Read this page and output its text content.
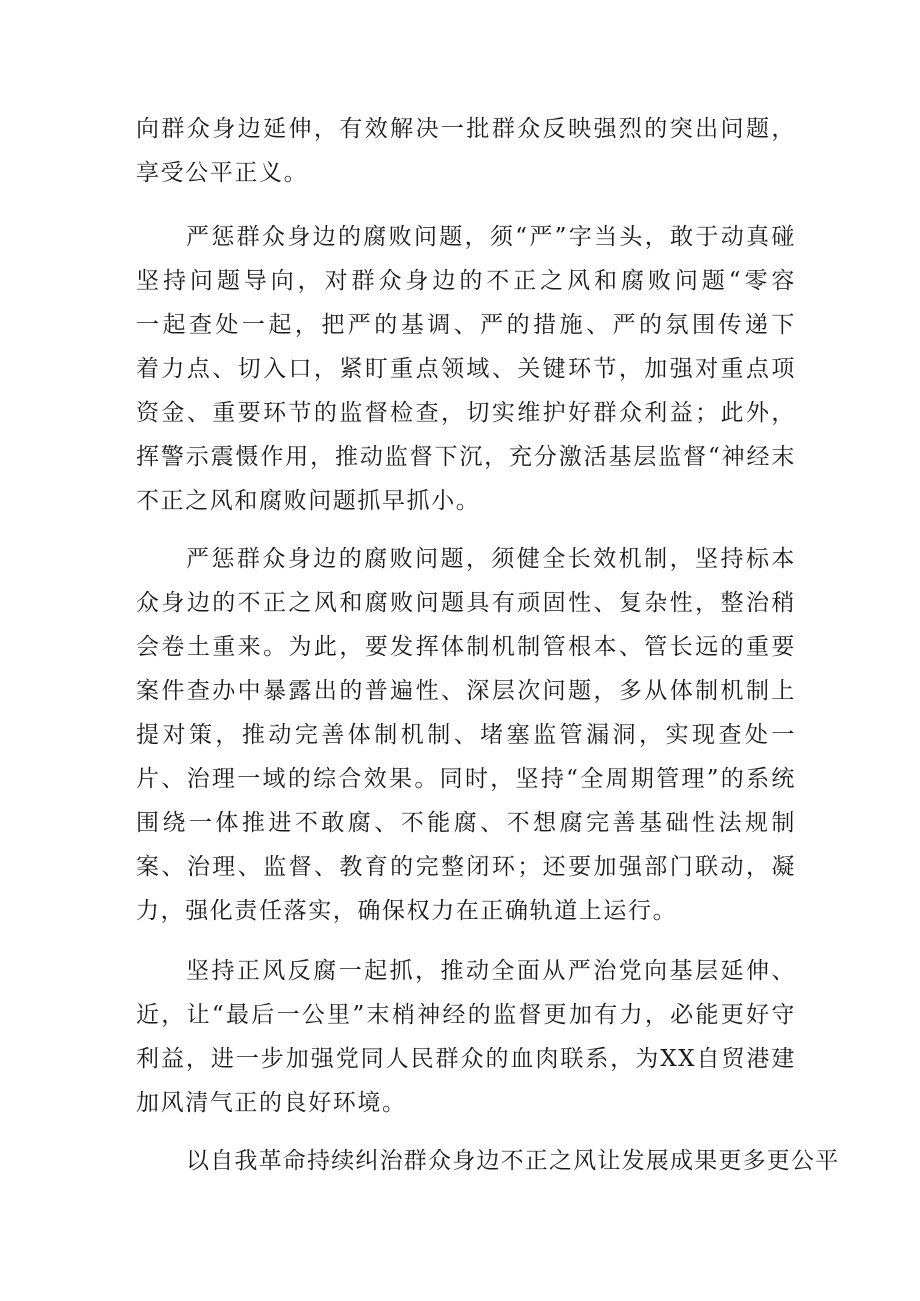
向群众身边延伸，有效解决一批群众反映强烈的突出问题，
享受公平正义。
严惩群众身边的腐败问题，须“严”字当头，敢于动真碰
坚持问题导向，对群众身边的不正之风和腐败问题“零容
一起查处一起，把严的基调、严的措施、严的氛围传递下
着力点、切入口，紧盯重点领域、关键环节，加强对重点项
资金、重要环节的监督检查，切实维护好群众利益；此外，
挥警示震慑作用，推动监督下沉，充分激活基层监督“神经末
不正之风和腐败问题抓早抓小。
严惩群众身边的腐败问题，须健全长效机制，坚持标本
众身边的不正之风和腐败问题具有顽固性、复杂性，整治稍
会卷土重来。为此，要发挥体制机制管根本、管长远的重要
案件查办中暴露出的普遍性、深层次问题，多从体制机制上
提对策，推动完善体制机制、堵塞监管漏洞，实现查处一
片、治理一域的综合效果。同时，坚持“全周期管理”的系统
围绕一体推进不敢腐、不能腐、不想腐完善基础性法规制
案、治理、监督、教育的完整闭环；还要加强部门联动，凝
力，强化责任落实，确保权力在正确轨道上运行。
坚持正风反腐一起抓，推动全面从严治党向基层延伸、
近，让“最后一公里”末梢神经的监督更加有力，必能更好守
利益，进一步加强党同人民群众的血肉联系，为XX自贸港建
加风清气正的良好环境。
以自我革命持续纠治群众身边不正之风让发展成果更多更公平
